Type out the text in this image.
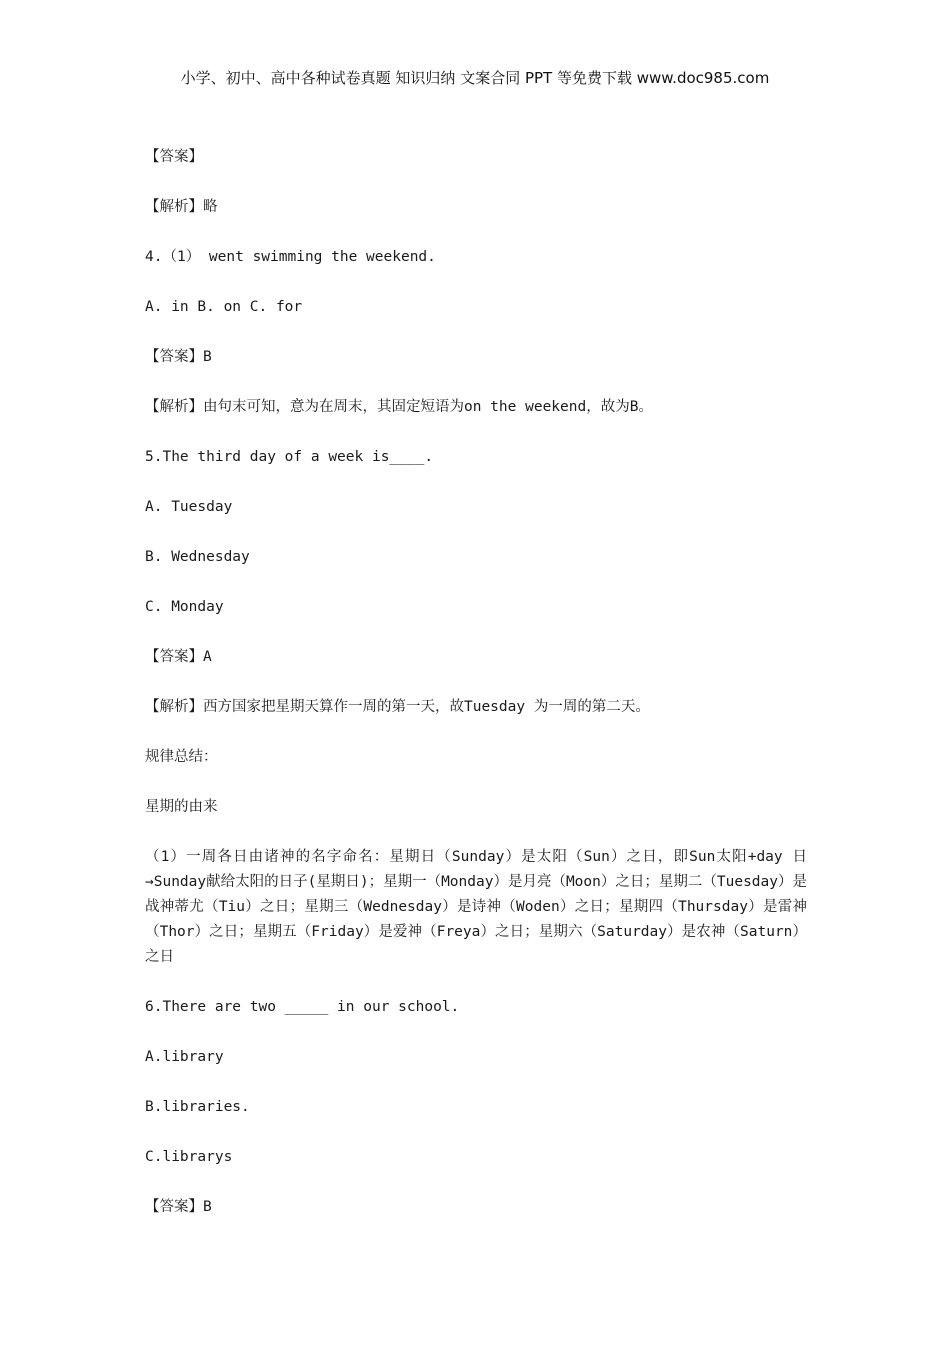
小学、初中、高中各种试卷真题 知识归纳 文案合同 PPT 等免费下载 www.doc985.com
【答案】
【解析】略
4.（1） went swimming the weekend.
A. in B. on C. for
【答案】B
【解析】由句末可知，意为在周末，其固定短语为on the weekend，故为B。
5.The third day of a week is____.
A. Tuesday
B. Wednesday
C. Monday
【答案】A
【解析】西方国家把星期天算作一周的第一天，故Tuesday 为一周的第二天。
规律总结：
星期的由来
（1）一周各日由诸神的名字命名：星期日（Sunday）是太阳（Sun）之日，即Sun太阳+day 日→Sunday献给太阳的日子(星期日)；星期一（Monday）是月亮（Moon）之日；星期二（Tuesday）是战神蒂尤（Tiu）之日；星期三（Wednesday）是诗神（Woden）之日；星期四（Thursday）是雷神（Thor）之日；星期五（Friday）是爱神（Freya）之日；星期六（Saturday）是农神（Saturn）之日
6.There are two _____ in our school.
A.library
B.libraries.
C.librarys
【答案】B
